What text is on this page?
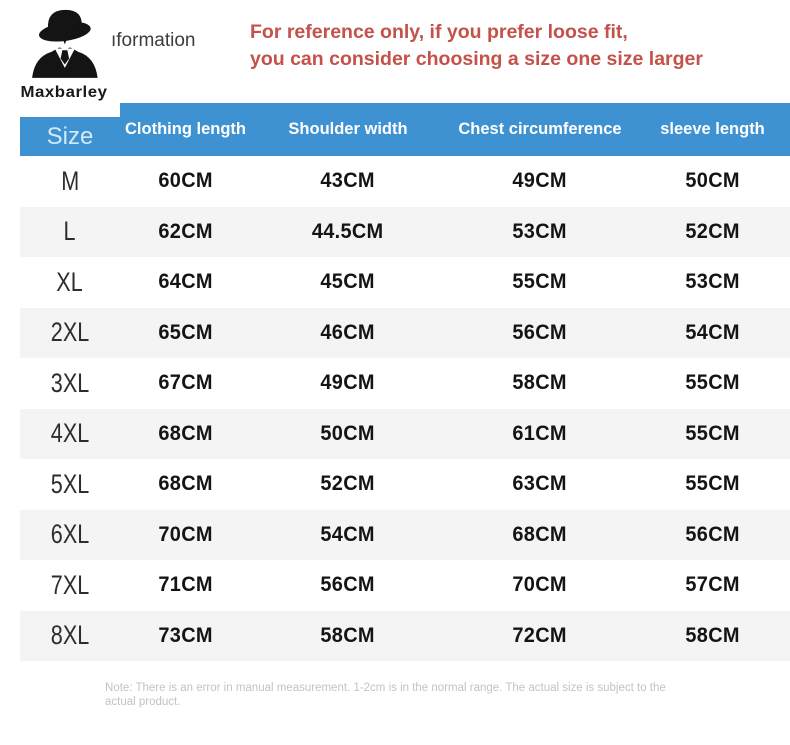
Maxbarley
ıformation	For reference only, if you prefer loose fit,
you can consider choosing a size one size larger
Size	Clothing length	Shoulder width	Chest circumference	sleeve length
M	60CM	43CM	49CM	50CM
L	62CM	44.5CM	53CM	52CM
XL	64CM	45CM	55CM	53CM
2XL	65CM	46CM	56CM	54CM
3XL	67CM	49CM	58CM	55CM
4XL	68CM	50CM	61CM	55CM
5XL	68CM	52CM	63CM	55CM
6XL	70CM	54CM	68CM	56CM
7XL	71CM	56CM	70CM	57CM
8XL	73CM	58CM	72CM	58CM
Note: There is an error in manual measurement. 1-2cm is in the normal range. The actual size is subject to the actual product.
